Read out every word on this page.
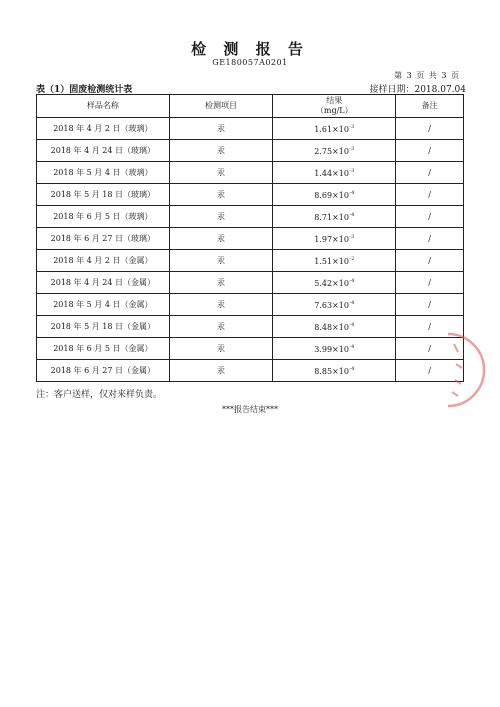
检 测 报 告
GE180057A0201
第 3 页 共 3 页
表（1）固废检测统计表	接样日期：2018.07.04
样品名称	检测项目	结果
（mg/L）	备注
2018 年 4 月 2 日（玻璃）	汞	$1.61\times 10^{-3}$	/
2018 年 4 月 24 日（玻璃）	汞	$2.75\times 10^{-3}$	/
2018 年 5 月 4 日（玻璃）	汞	$1.44\times 10^{-3}$	/
2018 年 5 月 18 日（玻璃）	汞	$8.69\times 10^{-4}$	/
2018 年 6 月 5 日（玻璃）	汞	$8.71\times 10^{-4}$	/
2018 年 6 月 27 日（玻璃）	汞	$1.97\times 10^{-3}$	/
2018 年 4 月 2 日（金属）	汞	$1.51\times 10^{-2}$	/
2018 年 4 月 24 日（金属）	汞	$5.42\times 10^{-4}$	/
2018 年 5 月 4 日（金属）	汞	$7.63\times 10^{-4}$	/
2018 年 5 月 18 日（金属）	汞	$8.48\times 10^{-4}$	/
2018 年 6 月 5 日（金属）	汞	$3.99\times 10^{-4}$	/
2018 年 6 月 27 日（金属）	汞	$8.85\times 10^{-4}$	/
注：客户送样，仅对来样负责。
***报告结束***
